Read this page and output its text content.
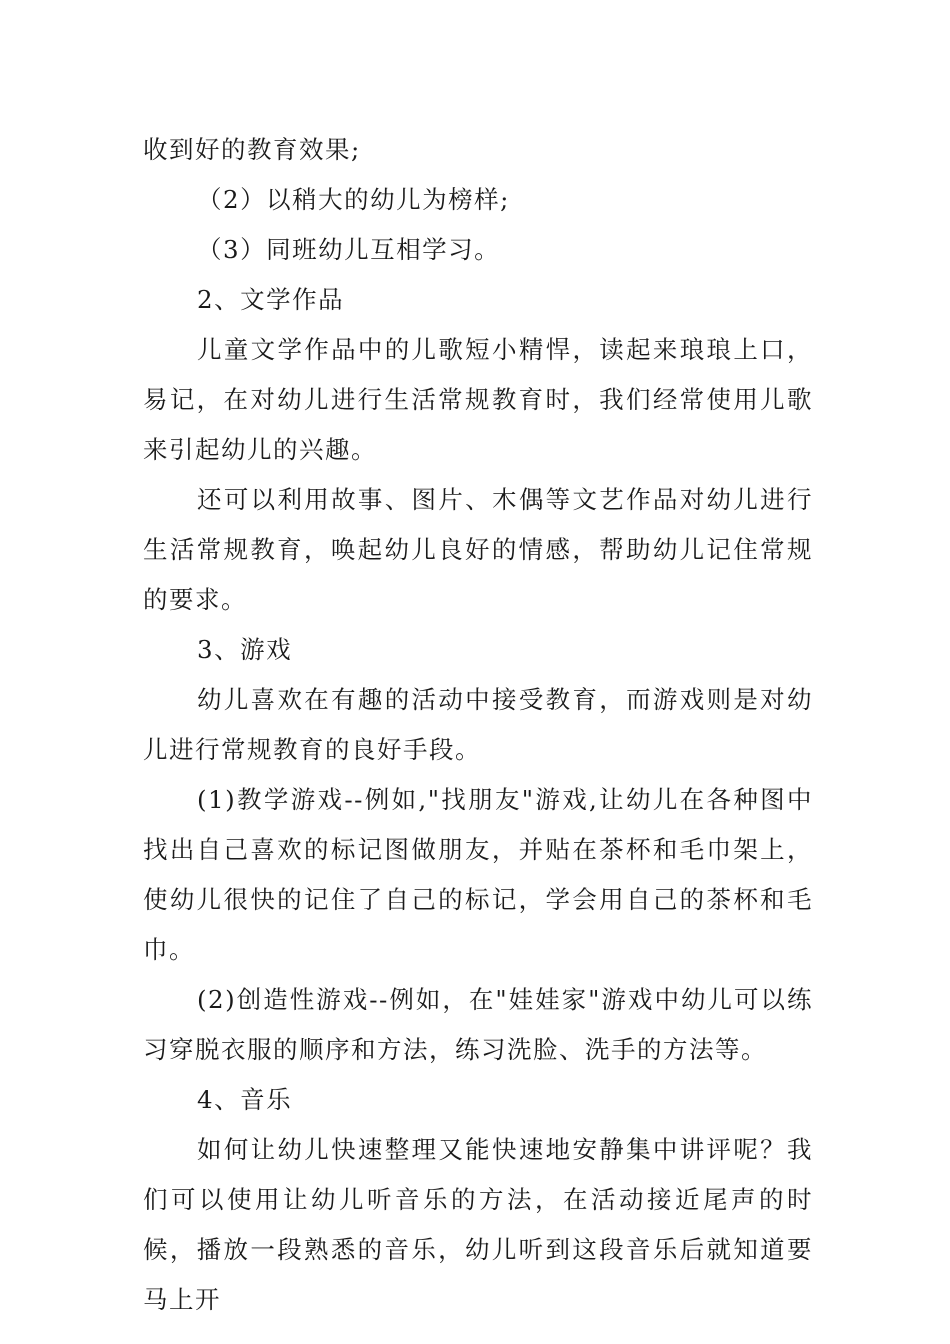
收到好的教育效果;

（2）以稍大的幼儿为榜样;

（3）同班幼儿互相学习。

2、文学作品

儿童文学作品中的儿歌短小精悍，读起来琅琅上口，易记，在对幼儿进行生活常规教育时，我们经常使用儿歌来引起幼儿的兴趣。

还可以利用故事、图片、木偶等文艺作品对幼儿进行生活常规教育，唤起幼儿良好的情感，帮助幼儿记住常规的要求。

3、游戏

幼儿喜欢在有趣的活动中接受教育，而游戏则是对幼儿进行常规教育的良好手段。

(1)教学游戏--例如,"找朋友"游戏,让幼儿在各种图中找出自己喜欢的标记图做朋友，并贴在茶杯和毛巾架上，使幼儿很快的记住了自己的标记，学会用自己的茶杯和毛巾。

(2)创造性游戏--例如，在"娃娃家"游戏中幼儿可以练习穿脱衣服的顺序和方法，练习洗脸、洗手的方法等。

4、音乐

如何让幼儿快速整理又能快速地安静集中讲评呢？我们可以使用让幼儿听音乐的方法，在活动接近尾声的时候，播放一段熟悉的音乐，幼儿听到这段音乐后就知道要马上开
